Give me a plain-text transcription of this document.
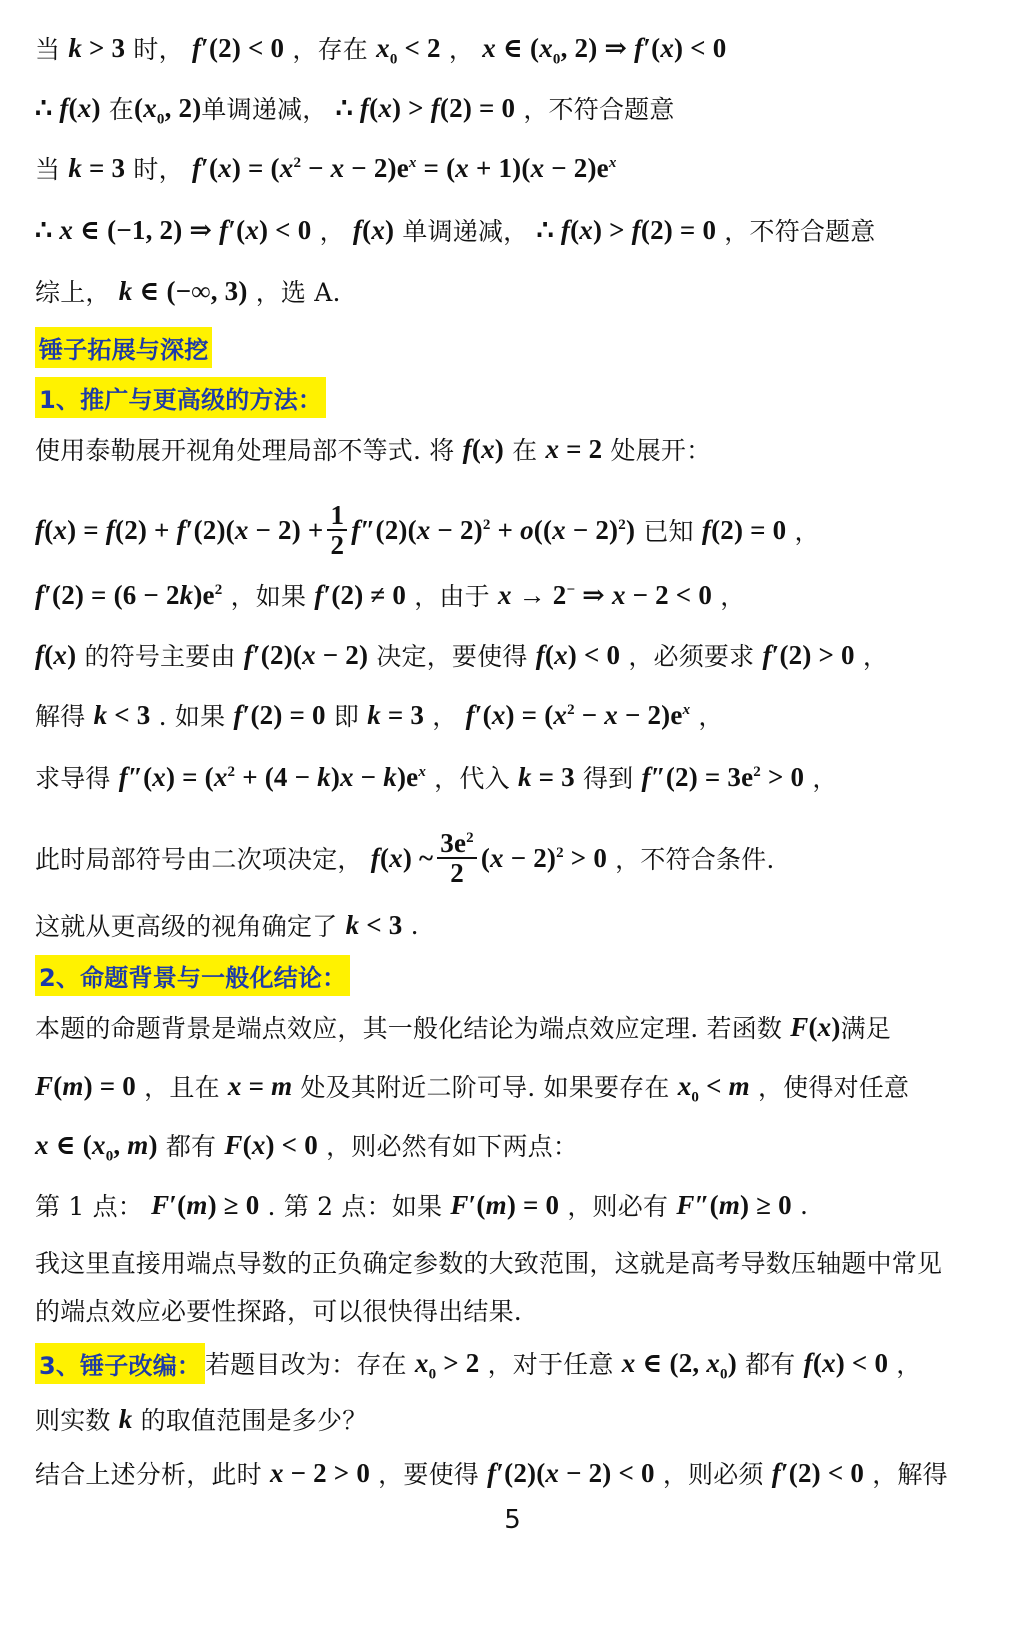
当 k > 3 时， f′(2) < 0 ，存在 $x_0 < 2$ ， x ∈ ($x_0$, 2) ⇒ f′(x) < 0
∴ f(x) 在 ($x_0$, 2) 单调递减， ∴ f(x) > f(2) = 0 ，不符合题意
当 k = 3 时， $f'(x) = (x^2 - x - 2)e^x = (x + 1)(x - 2)e^x$
∴ x ∈ (−1, 2) ⇒ f′(x) < 0 ， f(x) 单调递减， ∴ f(x) > f(2) = 0 ，不符合题意
综上， k ∈ (−∞, 3) ，选 A.
锤子拓展与深挖
1、推广与更高级的方法：
使用泰勒展开视角处理局部不等式. 将 f(x) 在 x = 2 处展开：
$f(x) = f(2) + f'(2)(x - 2) + \frac{1}{2} f''(2)(x - 2)^2 + o((x - 2)^2)$ 已知 f(2) = 0 ，
$f'(2) = (6 - 2k)e^2$ ，如果 f′(2) ≠ 0 ，由于 x → 2− ⇒ x − 2 < 0 ，
f(x) 的符号主要由 f′(2)(x − 2) 决定，要使得 f(x) < 0 ，必须要求 f′(2) > 0 ，
解得 k < 3 . 如果 f′(2) = 0 即 k = 3 ， $f'(x) = (x^2 - x - 2)e^x$ ，
求导得 $f''(x) = (x^2 + (4 - k)x - k)e^x$ ，代入 k = 3 得到 $f''(2) = 3e^2 > 0$ ，
此时局部符号由二次项决定， f(x) ~ $\frac{3e^2}{2} (x - 2)^2 > 0$ ，不符合条件.
这就从更高级的视角确定了 k < 3 .
2、命题背景与一般化结论：
本题的命题背景是端点效应，其一般化结论为端点效应定理. 若函数 F(x) 满足
F(m) = 0 ，且在 x = m 处及其附近二阶可导. 如果要存在 $x_0 < m$ ，使得对任意
x ∈ ($x_0$, m) 都有 F(x) < 0 ，则必然有如下两点：
第 1 点： F′(m) ≥ 0 . 第 2 点：如果 F′(m) = 0 ，则必有 F″(m) ≥ 0 .
我这里直接用端点导数的正负确定参数的大致范围，这就是高考导数压轴题中常见
的端点效应必要性探路，可以很快得出结果.
3、锤子改编： 若题目改为：存在 $x_0 > 2$ ，对于任意 x ∈ (2, $x_0$) 都有 f(x) < 0 ，
则实数 k 的取值范围是多少？
结合上述分析，此时 x − 2 > 0 ，要使得 f′(2)(x − 2) < 0 ，则必须 f′(2) < 0 ，解得
5
